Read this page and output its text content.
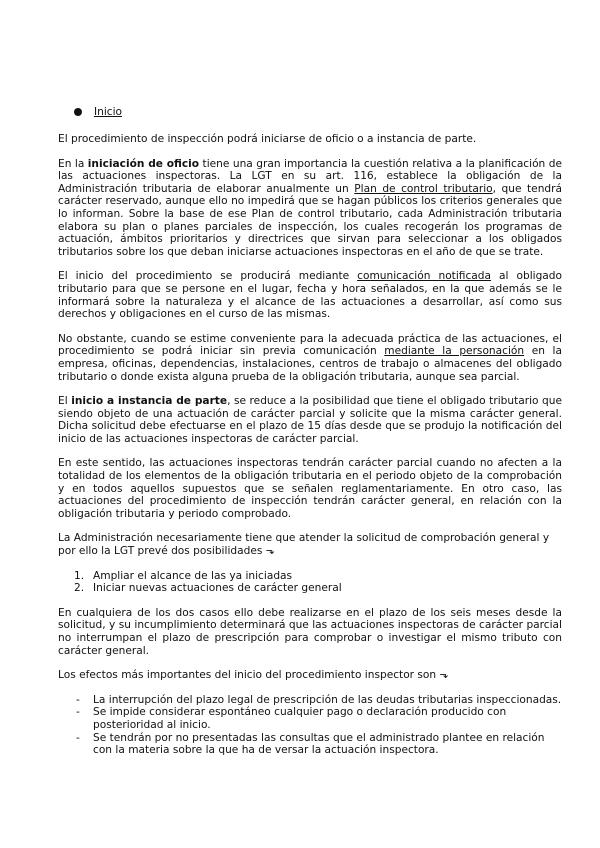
Inicio

El procedimiento de inspección podrá iniciarse de oficio o a instancia de parte.

En la iniciación de oficio tiene una gran importancia la cuestión relativa a la planificación de las actuaciones inspectoras. La LGT en su art. 116, establece la obligación de la Administración tributaria de elaborar anualmente un Plan de control tributario, que tendrá carácter reservado, aunque ello no impedirá que se hagan públicos los criterios generales que lo informan. Sobre la base de ese Plan de control tributario, cada Administración tributaria elabora su plan o planes parciales de inspección, los cuales recogerán los programas de actuación, ámbitos prioritarios y directrices que sirvan para seleccionar a los obligados tributarios sobre los que deban iniciarse actuaciones inspectoras en el año de que se trate.

El inicio del procedimiento se producirá mediante comunicación notificada al obligado tributario para que se persone en el lugar, fecha y hora señalados, en la que además se le informará sobre la naturaleza y el alcance de las actuaciones a desarrollar, así como sus derechos y obligaciones en el curso de las mismas.

No obstante, cuando se estime conveniente para la adecuada práctica de las actuaciones, el procedimiento se podrá iniciar sin previa comunicación mediante la personación en la empresa, oficinas, dependencias, instalaciones, centros de trabajo o almacenes del obligado tributario o donde exista alguna prueba de la obligación tributaria, aunque sea parcial.

El inicio a instancia de parte, se reduce a la posibilidad que tiene el obligado tributario que siendo objeto de una actuación de carácter parcial y solicite que la misma carácter general. Dicha solicitud debe efectuarse en el plazo de 15 días desde que se produjo la notificación del inicio de las actuaciones inspectoras de carácter parcial.

En este sentido, las actuaciones inspectoras tendrán carácter parcial cuando no afecten a la totalidad de los elementos de la obligación tributaria en el periodo objeto de la comprobación y en todos aquellos supuestos que se señalen reglamentariamente. En otro caso, las actuaciones del procedimiento de inspección tendrán carácter general, en relación con la obligación tributaria y periodo comprobado.

La Administración necesariamente tiene que atender la solicitud de comprobación general y por ello la LGT prevé dos posibilidades ⬎

1. Ampliar el alcance de las ya iniciadas
2. Iniciar nuevas actuaciones de carácter general

En cualquiera de los dos casos ello debe realizarse en el plazo de los seis meses desde la solicitud, y su incumplimiento determinará que las actuaciones inspectoras de carácter parcial no interrumpan el plazo de prescripción para comprobar o investigar el mismo tributo con carácter general.

Los efectos más importantes del inicio del procedimiento inspector son ⬎

-	La interrupción del plazo legal de prescripción de las deudas tributarias inspeccionadas.
-	Se impide considerar espontáneo cualquier pago o declaración producido con posterioridad al inicio.
-	Se tendrán por no presentadas las consultas que el administrado plantee en relación con la materia sobre la que ha de versar la actuación inspectora.
